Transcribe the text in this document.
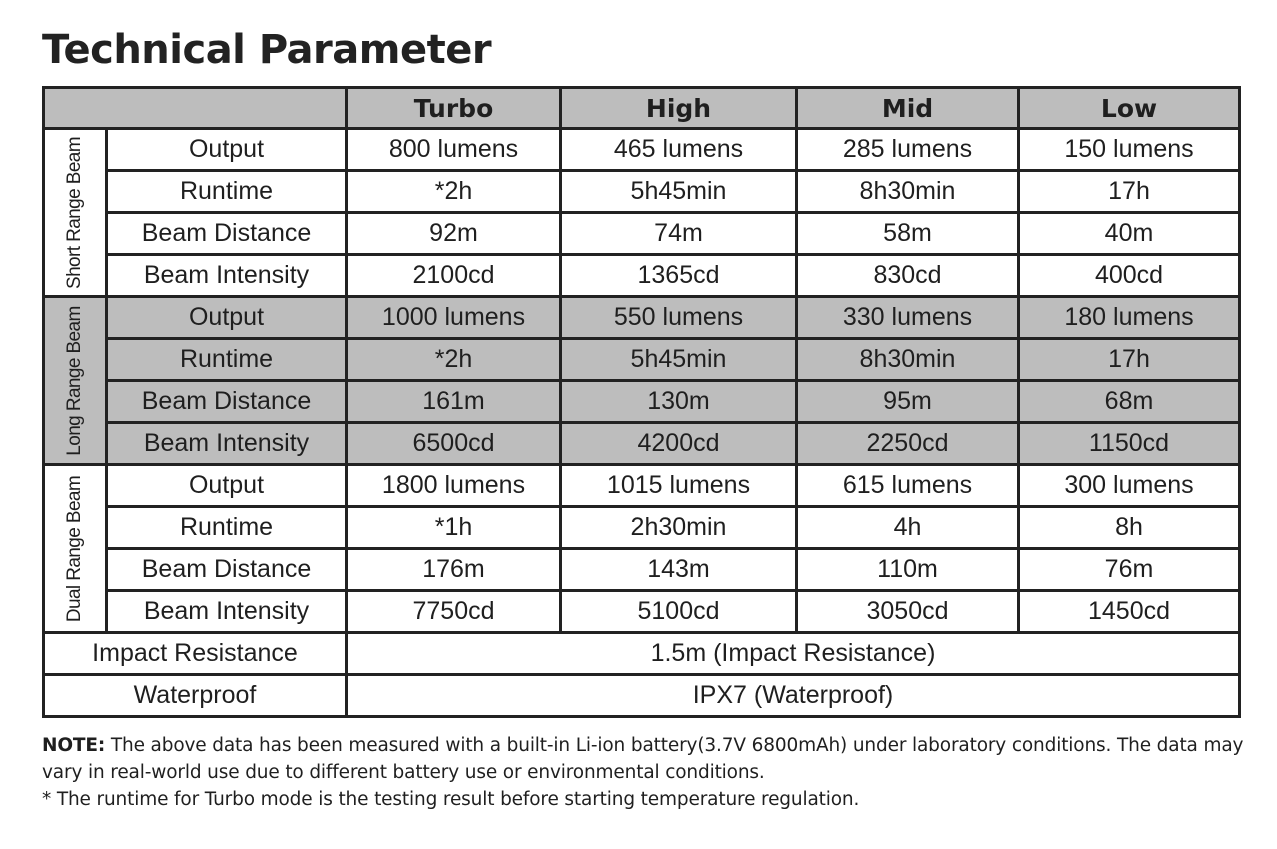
Technical Parameter
		Turbo	High	Mid	Low

Short Range Beam	Output	800 lumens	465 lumens	285 lumens	150 lumens
	Runtime	*2h	5h45min	8h30min	17h
	Beam Distance	92m	74m	58m	40m
	Beam Intensity	2100cd	1365cd	830cd	400cd

Long Range Beam	Output	1000 lumens	550 lumens	330 lumens	180 lumens
	Runtime	*2h	5h45min	8h30min	17h
	Beam Distance	161m	130m	95m	68m
	Beam Intensity	6500cd	4200cd	2250cd	1150cd

Dual Range Beam	Output	1800 lumens	1015 lumens	615 lumens	300 lumens
	Runtime	*1h	2h30min	4h	8h
	Beam Distance	176m	143m	110m	76m
	Beam Intensity	7750cd	5100cd	3050cd	1450cd
Impact Resistance		1.5m (Impact Resistance)			
Waterproof		IPX7 (Waterproof)			

NOTE: The above data has been measured with a built-in Li-ion battery(3.7V 6800mAh) under laboratory conditions. The data may vary in real-world use due to different battery use or environmental conditions.

* The runtime for Turbo mode is the testing result before starting temperature regulation.
